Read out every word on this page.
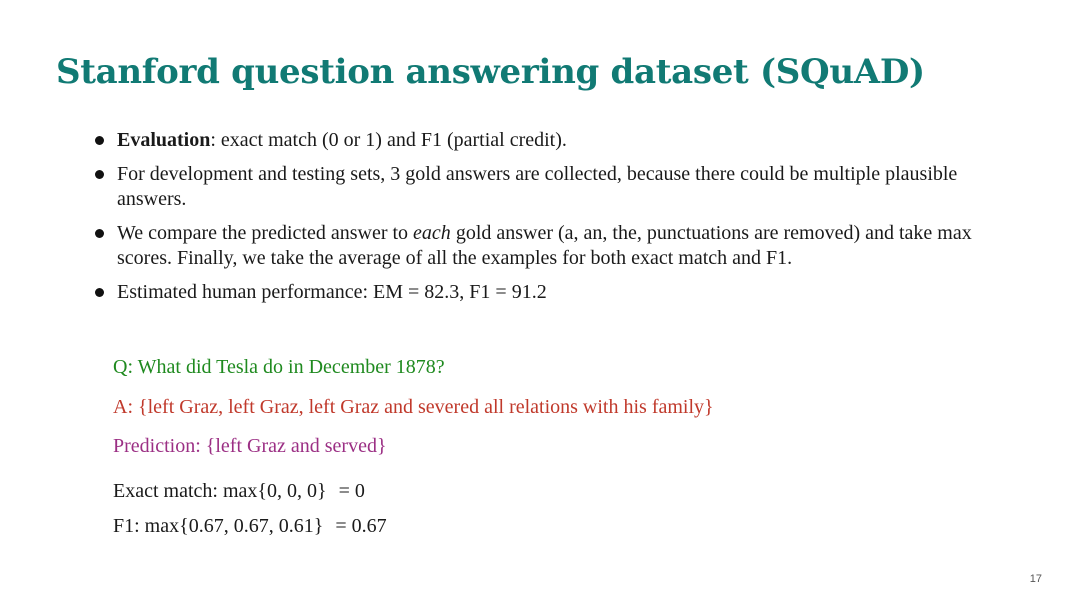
Stanford question answering dataset (SQuAD)
Evaluation: exact match (0 or 1) and F1 (partial credit).
For development and testing sets, 3 gold answers are collected, because there could be multiple plausible answers.
We compare the predicted answer to each gold answer (a, an, the, punctuations are removed) and take max scores. Finally, we take the average of all the examples for both exact match and F1.
Estimated human performance: EM = 82.3, F1 = 91.2
Q: What did Tesla do in December 1878?
A: {left Graz, left Graz, left Graz and severed all relations with his family}
Prediction: {left Graz and served}
Exact match: max{0, 0, 0} = 0
F1: max{0.67, 0.67, 0.61} = 0.67
17
